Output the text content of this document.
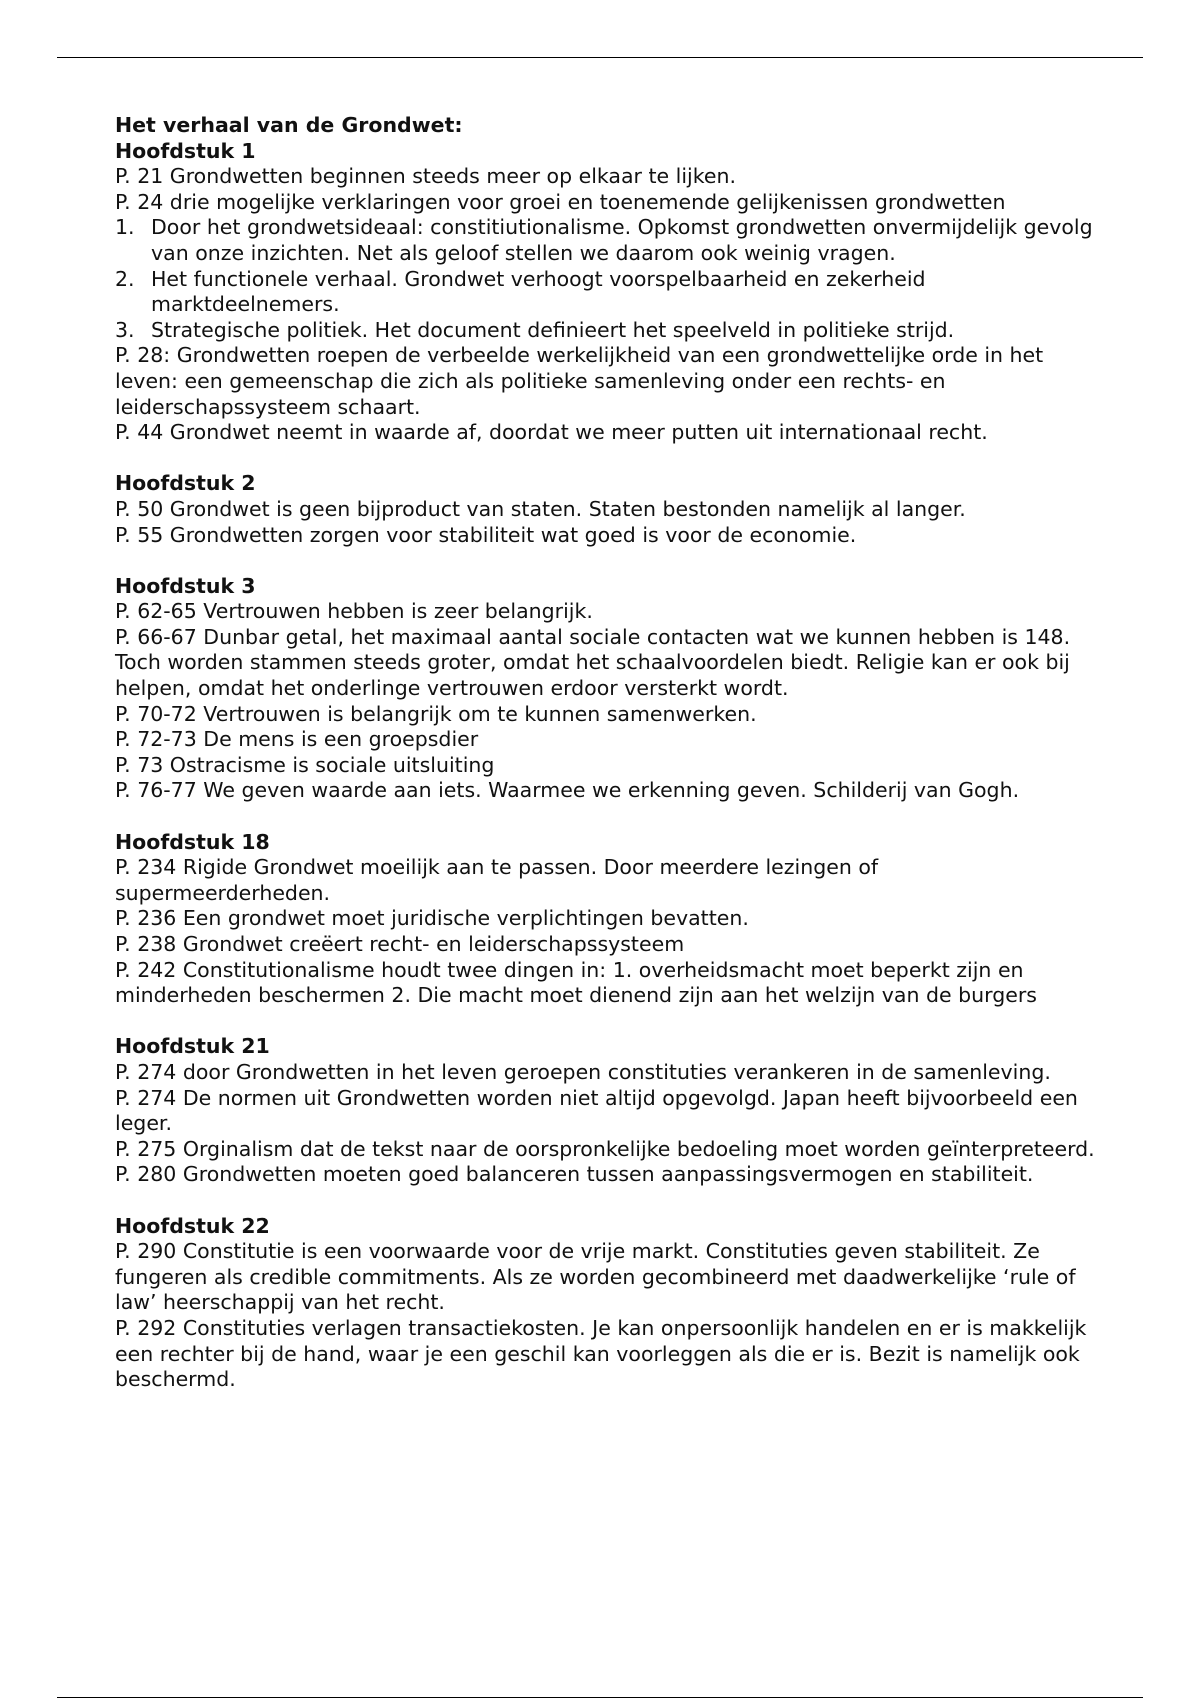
Het verhaal van de Grondwet:

Hoofdstuk 1

P. 21 Grondwetten beginnen steeds meer op elkaar te lijken.

P. 24 drie mogelijke verklaringen voor groei en toenemende gelijkenissen grondwetten

1. Door het grondwetsideaal: constitiutionalisme. Opkomst grondwetten onvermijdelijk gevolg van onze inzichten. Net als geloof stellen we daarom ook weinig vragen.
2. Het functionele verhaal. Grondwet verhoogt voorspelbaarheid en zekerheid marktdeelnemers.
3. Strategische politiek. Het document definieert het speelveld in politieke strijd.

P. 28: Grondwetten roepen de verbeelde werkelijkheid van een grondwettelijke orde in het leven: een gemeenschap die zich als politieke samenleving onder een rechts- en leiderschapssysteem schaart.

P. 44 Grondwet neemt in waarde af, doordat we meer putten uit internationaal recht.

Hoofdstuk 2

P. 50 Grondwet is geen bijproduct van staten. Staten bestonden namelijk al langer.

P. 55 Grondwetten zorgen voor stabiliteit wat goed is voor de economie.

Hoofdstuk 3

P. 62-65 Vertrouwen hebben is zeer belangrijk.

P. 66-67 Dunbar getal, het maximaal aantal sociale contacten wat we kunnen hebben is 148. Toch worden stammen steeds groter, omdat het schaalvoordelen biedt. Religie kan er ook bij helpen, omdat het onderlinge vertrouwen erdoor versterkt wordt.

P. 70-72 Vertrouwen is belangrijk om te kunnen samenwerken.

P. 72-73 De mens is een groepsdier

P. 73 Ostracisme is sociale uitsluiting

P. 76-77 We geven waarde aan iets. Waarmee we erkenning geven. Schilderij van Gogh.

Hoofdstuk 18

P. 234 Rigide Grondwet moeilijk aan te passen. Door meerdere lezingen of supermeerderheden.

P. 236 Een grondwet moet juridische verplichtingen bevatten.

P. 238 Grondwet creëert recht- en leiderschapssysteem

P. 242 Constitutionalisme houdt twee dingen in: 1. overheidsmacht moet beperkt zijn en minderheden beschermen 2. Die macht moet dienend zijn aan het welzijn van de burgers

Hoofdstuk 21

P. 274 door Grondwetten in het leven geroepen constituties verankeren in de samenleving.

P. 274 De normen uit Grondwetten worden niet altijd opgevolgd. Japan heeft bijvoorbeeld een leger.

P. 275 Orginalism dat de tekst naar de oorspronkelijke bedoeling moet worden geïnterpreteerd.

P. 280 Grondwetten moeten goed balanceren tussen aanpassingsvermogen en stabiliteit.

Hoofdstuk 22

P. 290 Constitutie is een voorwaarde voor de vrije markt. Constituties geven stabiliteit. Ze fungeren als credible commitments. Als ze worden gecombineerd met daadwerkelijke ‘rule of law’ heerschappij van het recht.

P. 292 Constituties verlagen transactiekosten. Je kan onpersoonlijk handelen en er is makkelijk een rechter bij de hand, waar je een geschil kan voorleggen als die er is. Bezit is namelijk ook beschermd.
